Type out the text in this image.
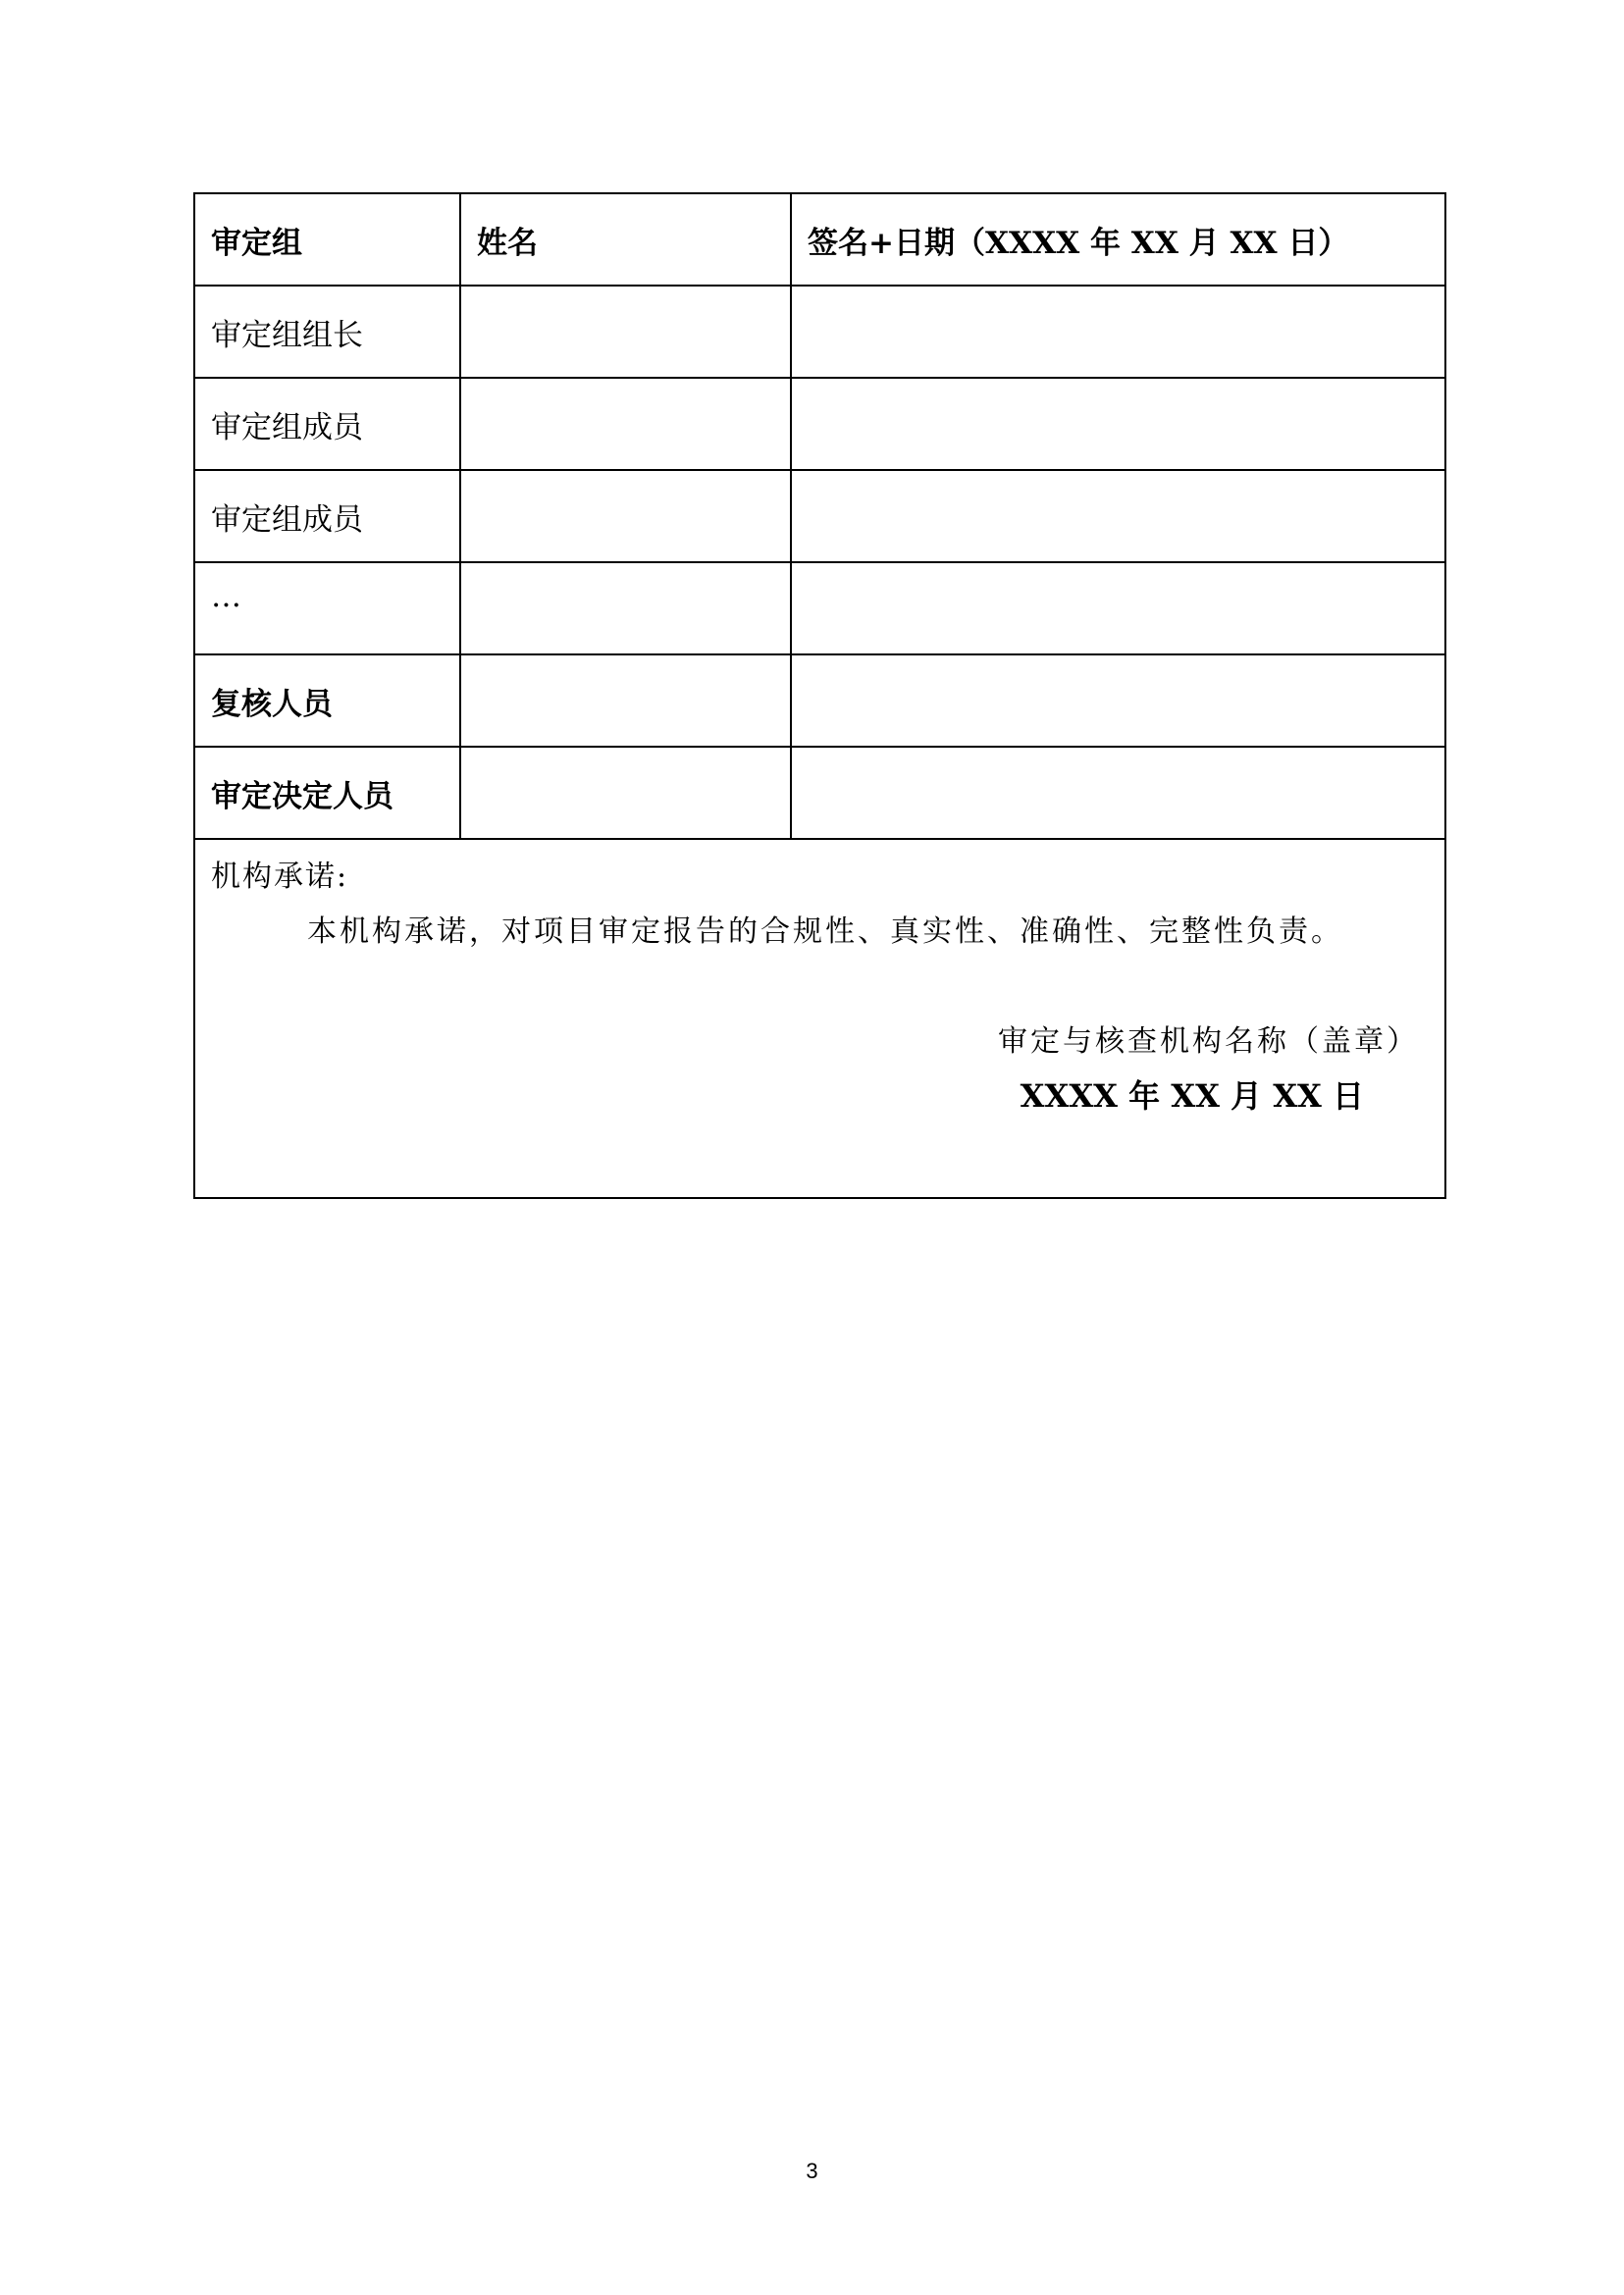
审定组	姓名	签名+日期（XXXX 年 XX 月 XX 日）
审定组组长		
审定组成员		
审定组成员		
…		
复核人员		
审定决定人员		

机构承诺:
本机构承诺，对项目审定报告的合规性、真实性、准确性、完整性负责。
审定与核查机构名称（盖章）
XXXX 年 XX 月 XX 日		
3
